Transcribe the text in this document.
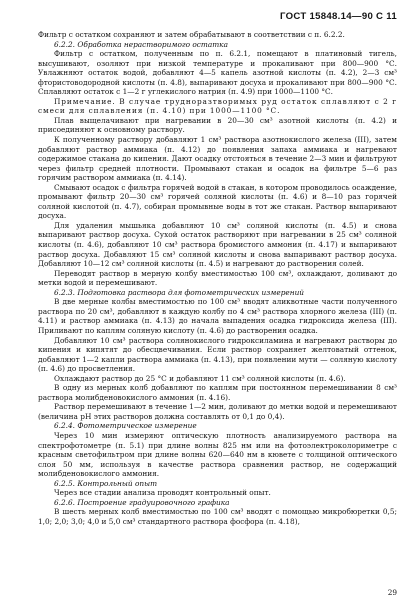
ГОСТ 15848.14—90 С 11

Фильтр с остатком сохраняют и затем обрабатывают в соответствии с п. 6.2.2.

6.2.2. Обработка нерастворимого остатка

Фильтр с остатком, полученным по п. 6.2.1, помещают в платиновый тигель, высушивают, озоляют при низкой температуре и прокаливают при 800—900 °С. Увлажняют остаток водой, добавляют 4—5 капель азотной кислоты (п. 4.2), 2—3 см³ фтористоводородной кислоты (п. 4.8), выпаривают досуха и прокаливают при 800—900 °С. Сплавляют остаток с 1—2 г углекислого натрия (п. 4.9) при 1000—1100 °С.

Примечание. В случае трудноразтворимых руд остаток сплавляют с 2 г смеси для сплавления (п. 4.10) при 1000—1100 °С.

Плав выщелачивают при нагревании в 20—30 см³ азотной кислоты (п. 4.2) и присоединяют к основному раствору.

К полученному раствору добавляют 1 см³ раствора азотнокислого железа (III), затем добавляют раствор аммиака (п. 4.12) до появления запаха аммиака и нагревают содержимое стакана до кипения. Дают осадку отстояться в течение 2—3 мин и фильтруют через фильтр средней плотности. Промывают стакан и осадок на фильтре 5—6 раз горячим раствором аммиака (п. 4.14).

Смывают осадок с фильтра горячей водой в стакан, в котором проводилось осаждение, промывают фильтр 20—30 см³ горячей соляной кислоты (п. 4.6) и 8—10 раз горячей соляной кислотой (п. 4.7), собирая промывные воды в тот же стакан. Раствор выпаривают досуха.

Для удаления мышьяка добавляют 10 см³ соляной кислоты (п. 4.5) и снова выпаривают раствор досуха. Сухой остаток растворяют при нагревании в 25 см³ соляной кислоты (п. 4.6), добавляют 10 см³ раствора бромистого аммония (п. 4.17) и выпаривают раствор досуха. Добавляют 15 см³ соляной кислоты и снова выпаривают раствор досуха. Добавляют 10—12 см³ соляной кислоты (п. 4.5) и нагревают до растворения солей.

Переводят раствор в мерную колбу вместимостью 100 см³, охлаждают, доливают до метки водой и перемешивают.

6.2.3. Подготовка раствора для фотометрических измерений

В две мерные колбы вместимостью по 100 см³ вводят аликвотные части полученного раствора по 20 см³, добавляют в каждую колбу по 4 см³ раствора хлорного железа (III) (п. 4.11) и раствор аммиака (п. 4.13) до начала выпадения осадка гидроксида железа (III). Приливают по каплям соляную кислоту (п. 4.6) до растворения осадка.

Добавляют 10 см³ раствора солянокислого гидроксиламина и нагревают растворы до кипения и кипятят до обесцвечивания. Если раствор сохраняет желтоватый оттенок, добавляют 1—2 капли раствора аммиака (п. 4.13), при появлении мути — соляную кислоту (п. 4.6) до просветления.

Охлаждают раствор до 25 °С и добавляют 11 см³ соляной кислоты (п. 4.6).

В одну из мерных колб добавляют по каплям при постоянном перемешивании 8 см³ раствора молибденовокислого аммония (п. 4.16).

Раствор перемешивают в течение 1—2 мин, доливают до метки водой и перемешивают (величина pH этих растворов должна составлять от 0,1 до 0,4).

6.2.4. Фотометрическое измерение

Через 10 мин измеряют оптическую плотность анализируемого раствора на спектрофотометре (п. 5.1) при длине волны 825 нм или на фотоэлектроколориметре с красным светофильтром при длине волны 620—640 нм в кювете с толщиной оптического слоя 50 мм, используя в качестве раствора сравнения раствор, не содержащий молибденовокислого аммония.

6.2.5. Контрольный опыт

Через все стадии анализа проводят контрольный опыт.

6.2.6. Построение градуировочного графика

В шесть мерных колб вместимостью по 100 см³ вводят с помощью микробюретки 0,5; 1,0; 2,0; 3,0; 4,0 и 5,0 см³ стандартного раствора фосфора (п. 4.18),

29
